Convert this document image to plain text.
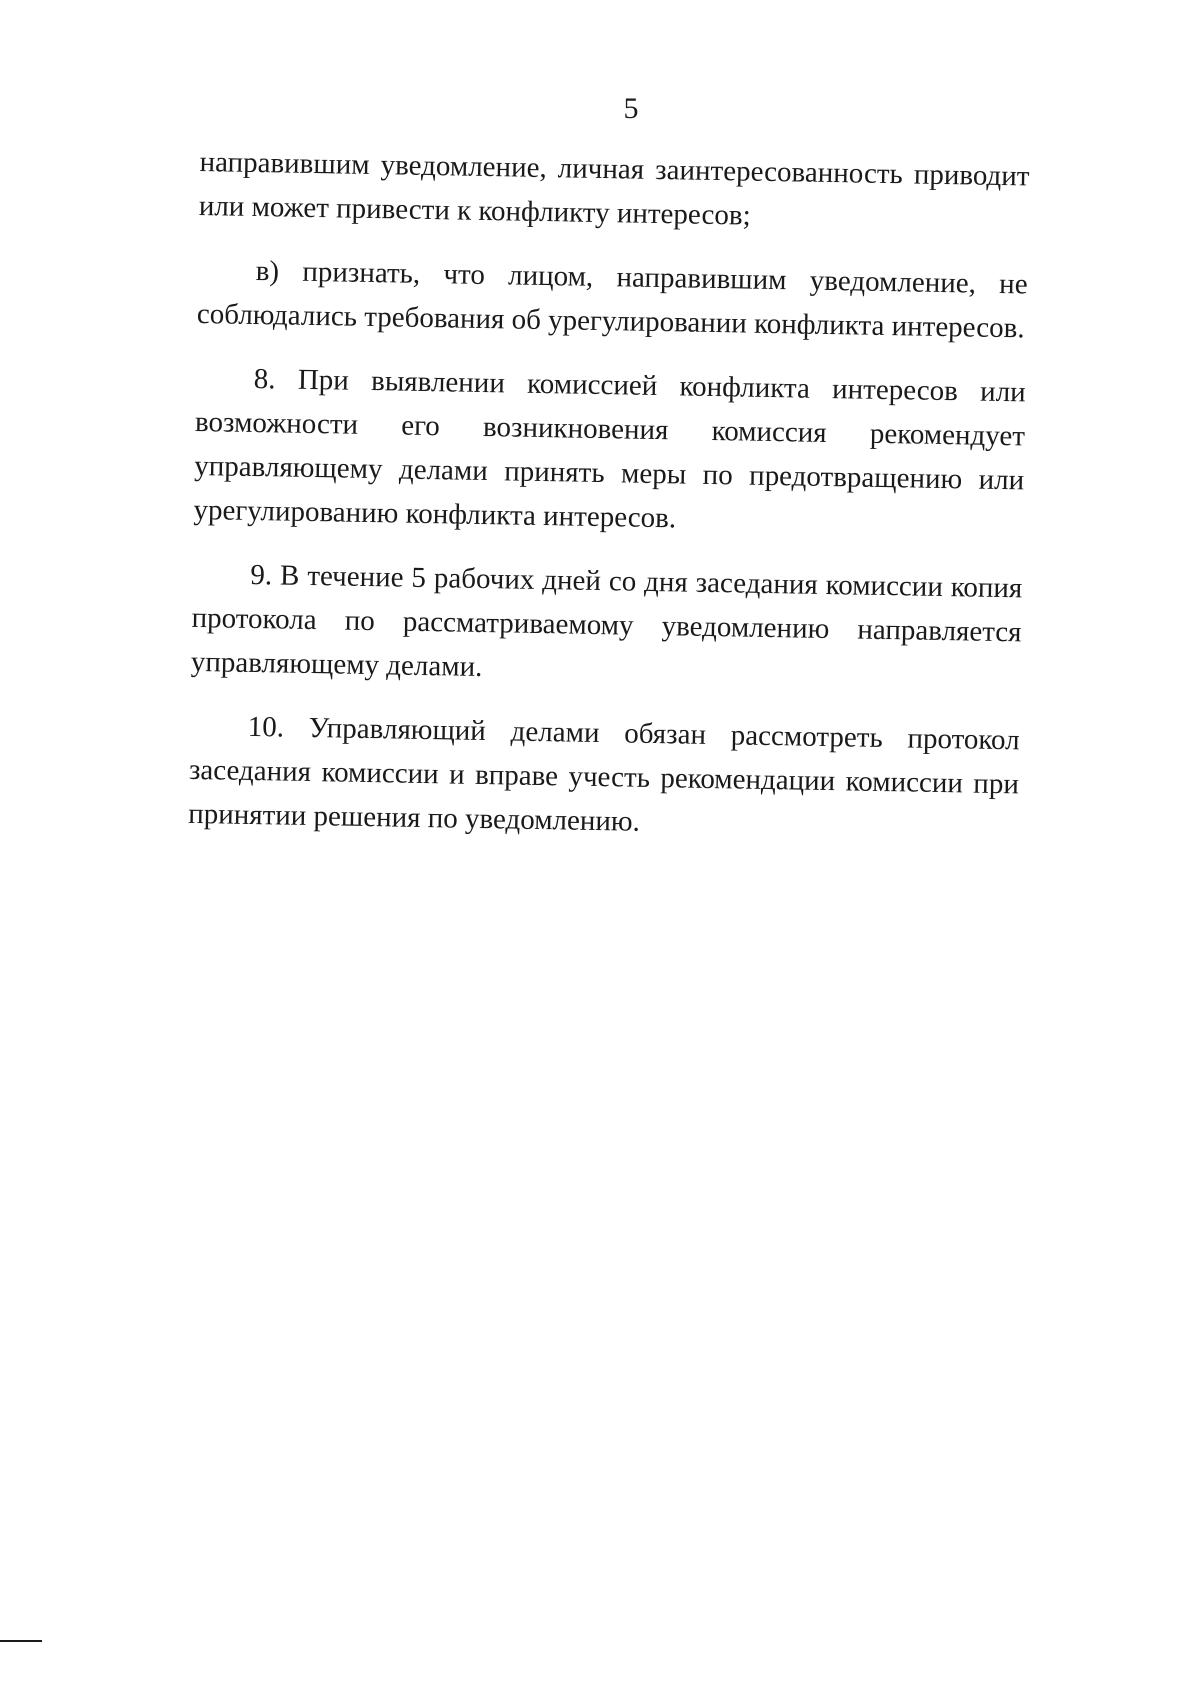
5

направившим уведомление, личная заинтересованность приводит или может привести к конфликту интересов;

в) признать, что лицом, направившим уведомление, не соблюдались требования об урегулировании конфликта интересов.

8. При выявлении комиссией конфликта интересов или возможности его возникновения комиссия рекомендует управляющему делами принять меры по предотвращению или урегулированию конфликта интересов.

9. В течение 5 рабочих дней со дня заседания комиссии копия протокола по рассматриваемому уведомлению направляется управляющему делами.

10. Управляющий делами обязан рассмотреть протокол заседания комиссии и вправе учесть рекомендации комиссии при принятии решения по уведомлению.
